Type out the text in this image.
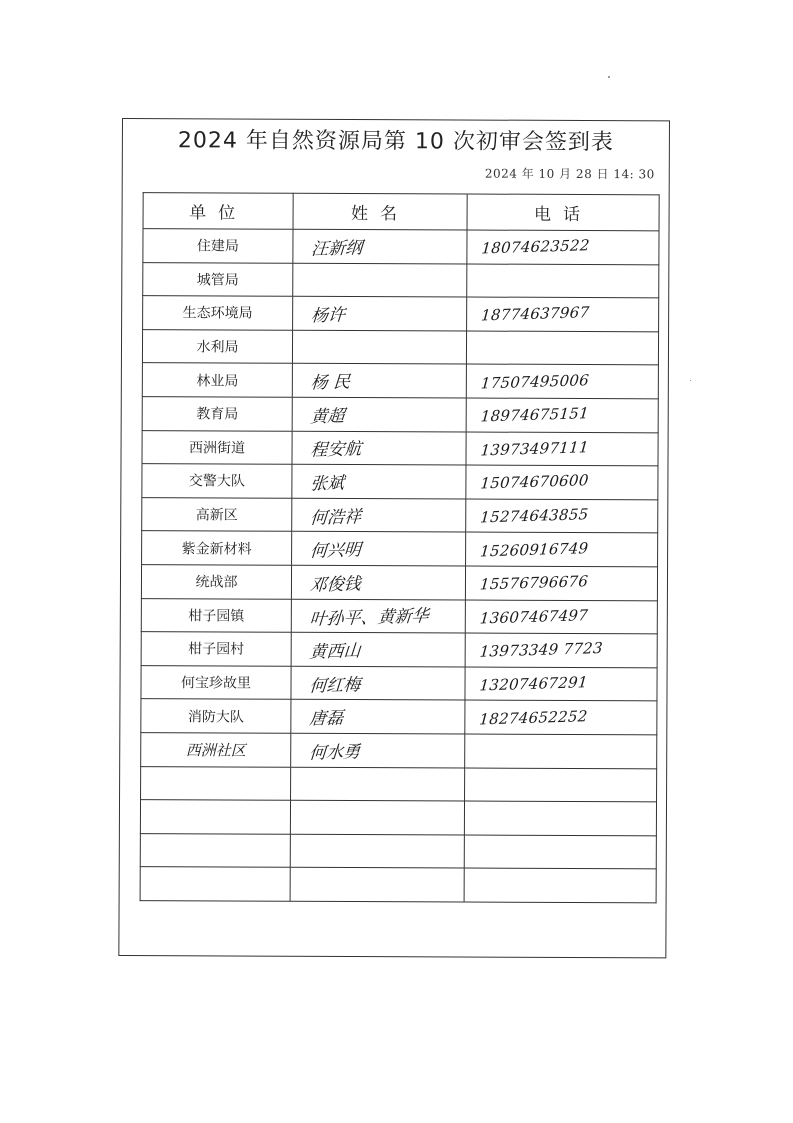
2024 年自然资源局第 10 次初审会签到表
2024 年 10 月 28 日 14: 30
单位	姓名	电话
住建局	汪新纲	18074623522
城管局		
生态环境局	杨许	18774637967
水利局		
林业局	杨 民	17507495006
教育局	黄超	18974675151
西洲街道	程安航	13973497111
交警大队	张斌	15074670600
高新区	何浩祥	15274643855
紫金新材料	何兴明	15260916749
统战部	邓俊钱	15576796676
柑子园镇	叶孙平、黄新华	13607467497
柑子园村	黄西山	13973349 7723
何宝珍故里	何红梅	13207467291
消防大队	唐磊	18274652252
西洲社区	何水勇	
